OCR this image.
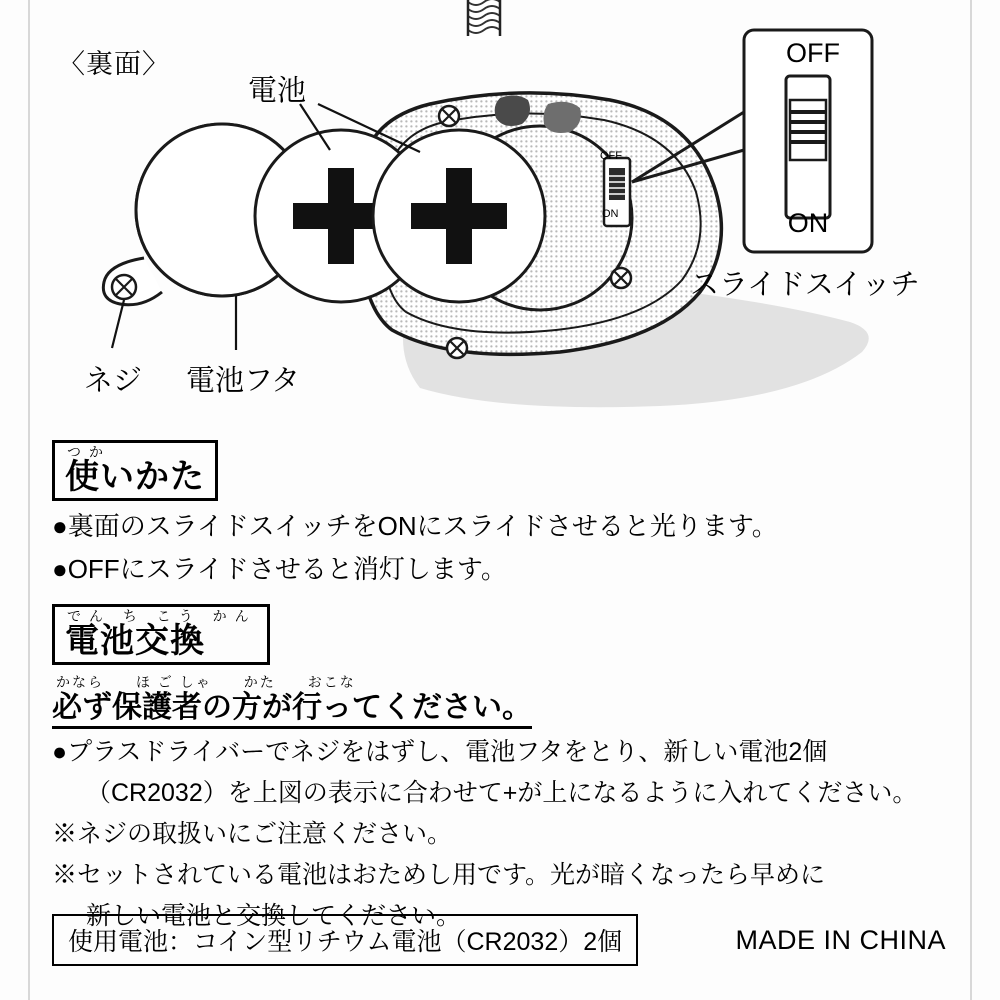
〈裏面〉
電池
ネジ 電池フタ
スライドスイッチ
OFF
ON
OFF
ON
つか
使いかた
●裏面のスライドスイッチをONにスライドさせると光ります。
●OFFにスライドさせると消灯します。
でん ち こう かん
電池交換
かなら　　ほ ご しゃ　　かた　　おこな
必ず保護者の方が行ってください。
●プラスドライバーでネジをはずし、電池フタをとり、新しい電池2個
（CR2032）を上図の表示に合わせて+が上になるように入れてください。
※ネジの取扱いにご注意ください。
※セットされている電池はおためし用です。光が暗くなったら早めに
新しい電池と交換してください。
使用電池：コイン型リチウム電池（CR2032）2個	MADE IN CHINA
